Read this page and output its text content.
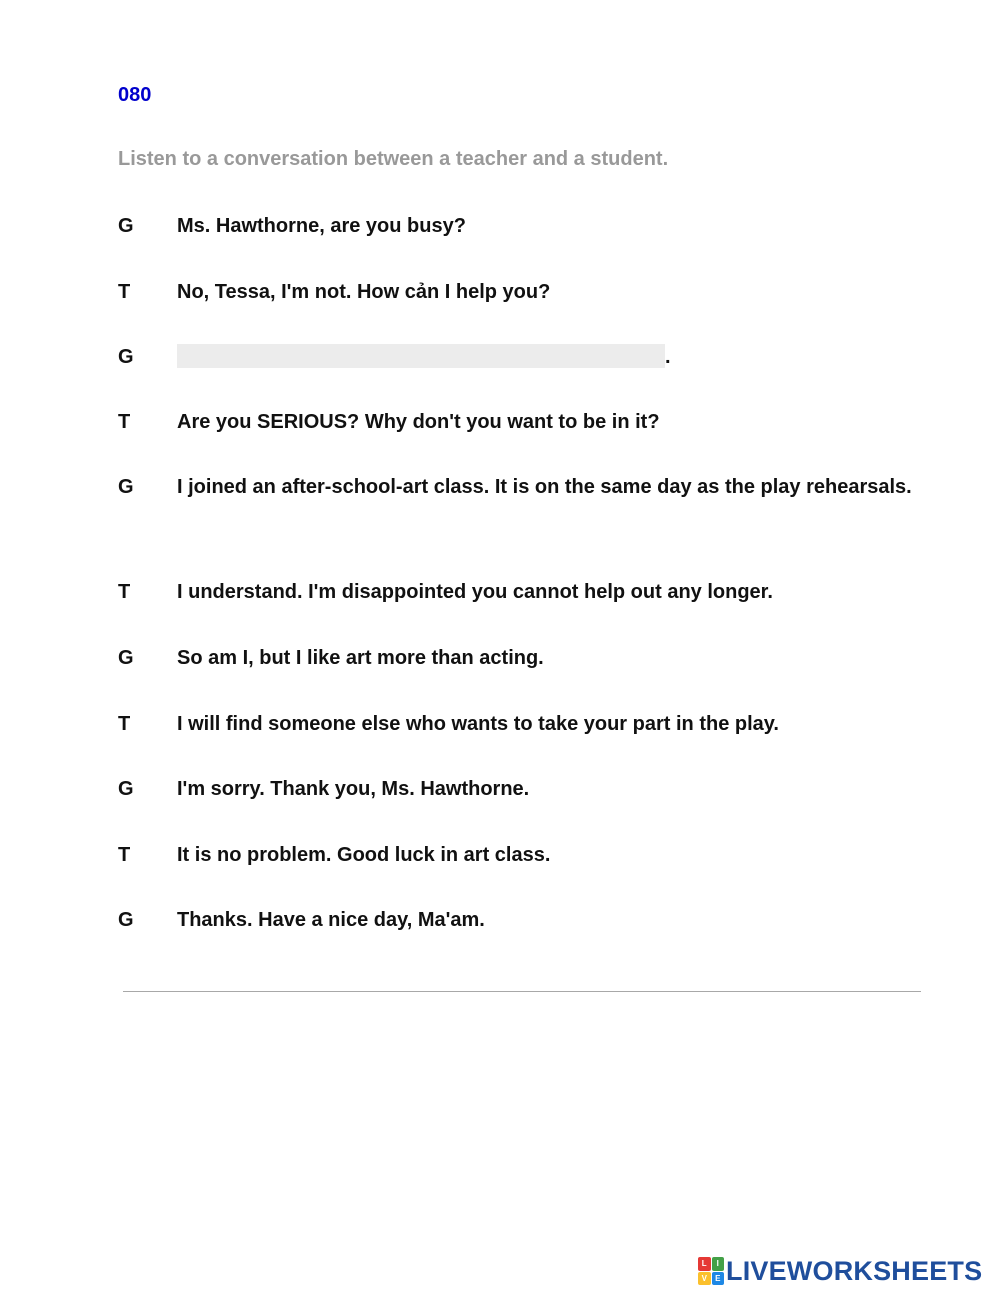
080
Listen to a conversation between a teacher and a student.
G Ms. Hawthorne, are you busy?
T No, Tessa, I'm not. How cản I help you?
G	.
T Are you SERIOUS? Why don't you want to be in it?
G I joined an after-school-art class. It is on the same day as the play rehearsals.
T I understand. I'm disappointed you cannot help out any longer.
G So am I, but I like art more than acting.
T I will find someone else who wants to take your part in the play.
G I'm sorry. Thank you, Ms. Hawthorne.
T It is no problem. Good luck in art class.
G Thanks. Have a nice day, Ma'am.
L	I
V	E LIVEWORKSHEETS
